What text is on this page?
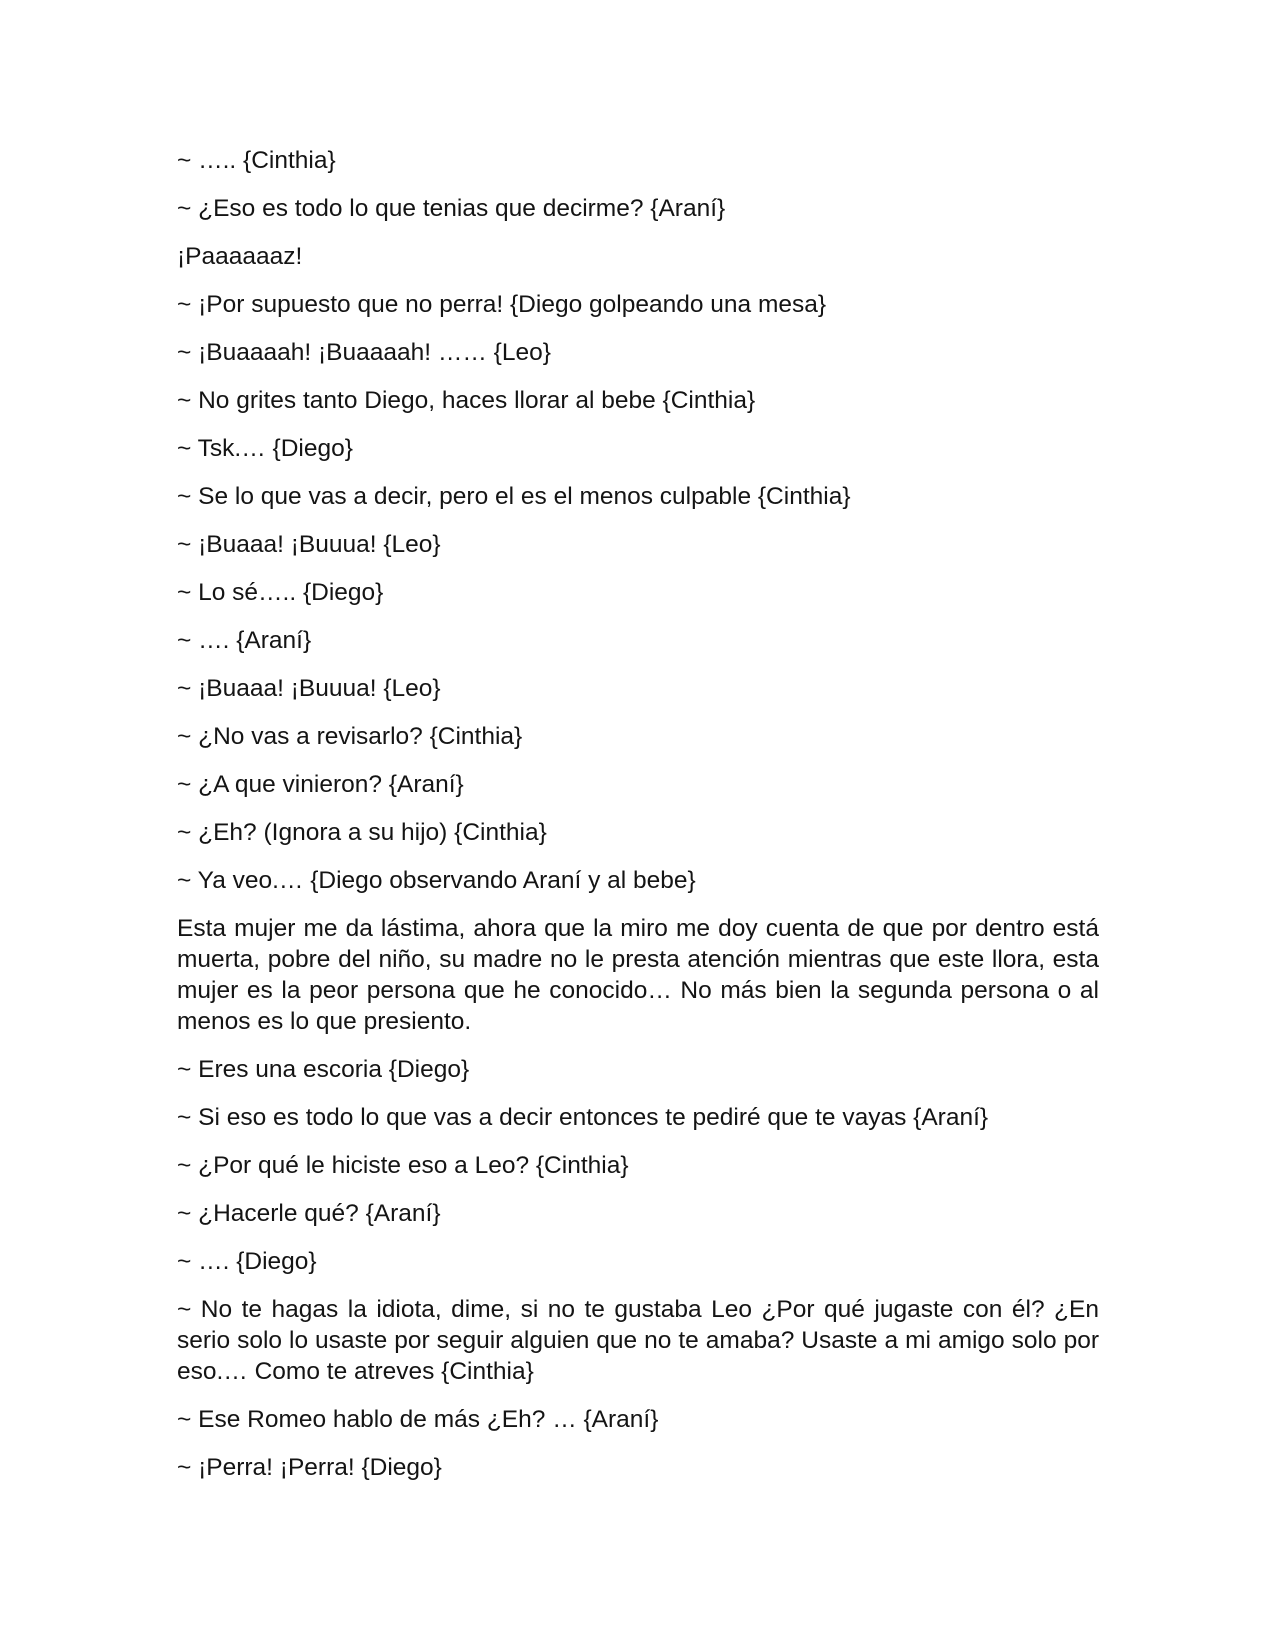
~ ….. {Cinthia}
~ ¿Eso es todo lo que tenias que decirme? {Araní}
¡Paaaaaaz!
~ ¡Por supuesto que no perra! {Diego golpeando una mesa}
~ ¡Buaaaah! ¡Buaaaah! …… {Leo}
~ No grites tanto Diego, haces llorar al bebe {Cinthia}
~ Tsk.… {Diego}
~ Se lo que vas a decir, pero el es el menos culpable {Cinthia}
~ ¡Buaaa! ¡Buuua! {Leo}
~ Lo sé….. {Diego}
~ …. {Araní}
~ ¡Buaaa! ¡Buuua! {Leo}
~ ¿No vas a revisarlo? {Cinthia}
~ ¿A que vinieron? {Araní}
~ ¿Eh? (Ignora a su hijo) {Cinthia}
~ Ya veo.… {Diego observando Araní y al bebe}

Esta mujer me da lástima, ahora que la miro me doy cuenta de que por dentro está muerta, pobre del niño, su madre no le presta atención mientras que este llora, esta mujer es la peor persona que he conocido… No más bien la segunda persona o al menos es lo que presiento.

~ Eres una escoria {Diego}
~ Si eso es todo lo que vas a decir entonces te pediré que te vayas {Araní}
~ ¿Por qué le hiciste eso a Leo? {Cinthia}
~ ¿Hacerle qué? {Araní}
~ …. {Diego}

~ No te hagas la idiota, dime, si no te gustaba Leo ¿Por qué jugaste con él? ¿En serio solo lo usaste por seguir alguien que no te amaba? Usaste a mi amigo solo por eso.… Como te atreves {Cinthia}

~ Ese Romeo hablo de más ¿Eh? … {Araní}
~ ¡Perra! ¡Perra! {Diego}
